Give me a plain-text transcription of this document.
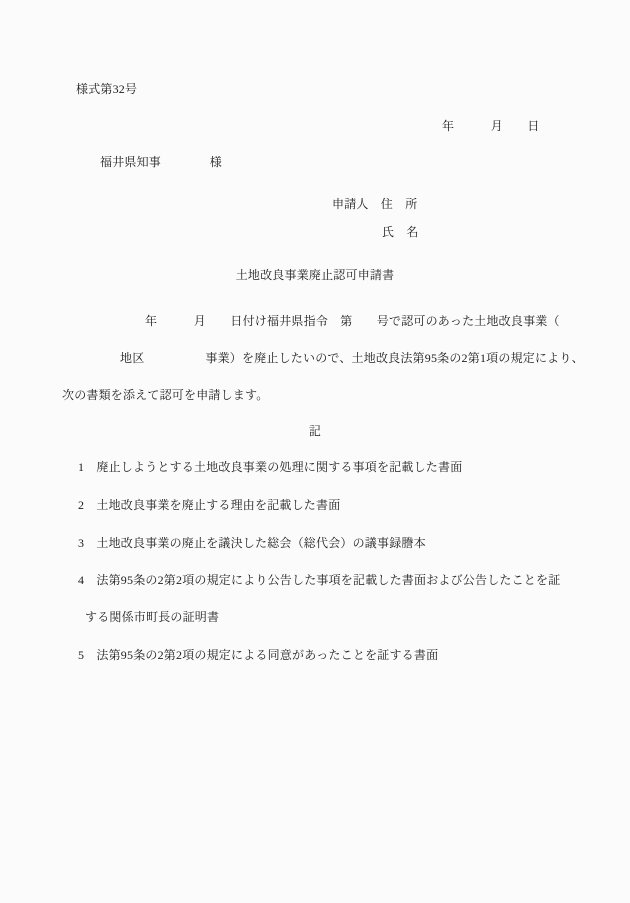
様式第32号
年　　　月　　日
福井県知事　　　　様
申請人　住　所
氏　名
土地改良事業廃止認可申請書
年　　　月　　日付け福井県指令　第　　号で認可のあった土地改良事業（
地区　　　　　事業）を廃止したいので、土地改良法第95条の2第1項の規定により、
次の書類を添えて認可を申請します。
記
1　廃止しようとする土地改良事業の処理に関する事項を記載した書面
2　土地改良事業を廃止する理由を記載した書面
3　土地改良事業の廃止を議決した総会（総代会）の議事録謄本
4　法第95条の2第2項の規定により公告した事項を記載した書面および公告したことを証
する関係市町長の証明書
5　法第95条の2第2項の規定による同意があったことを証する書面
